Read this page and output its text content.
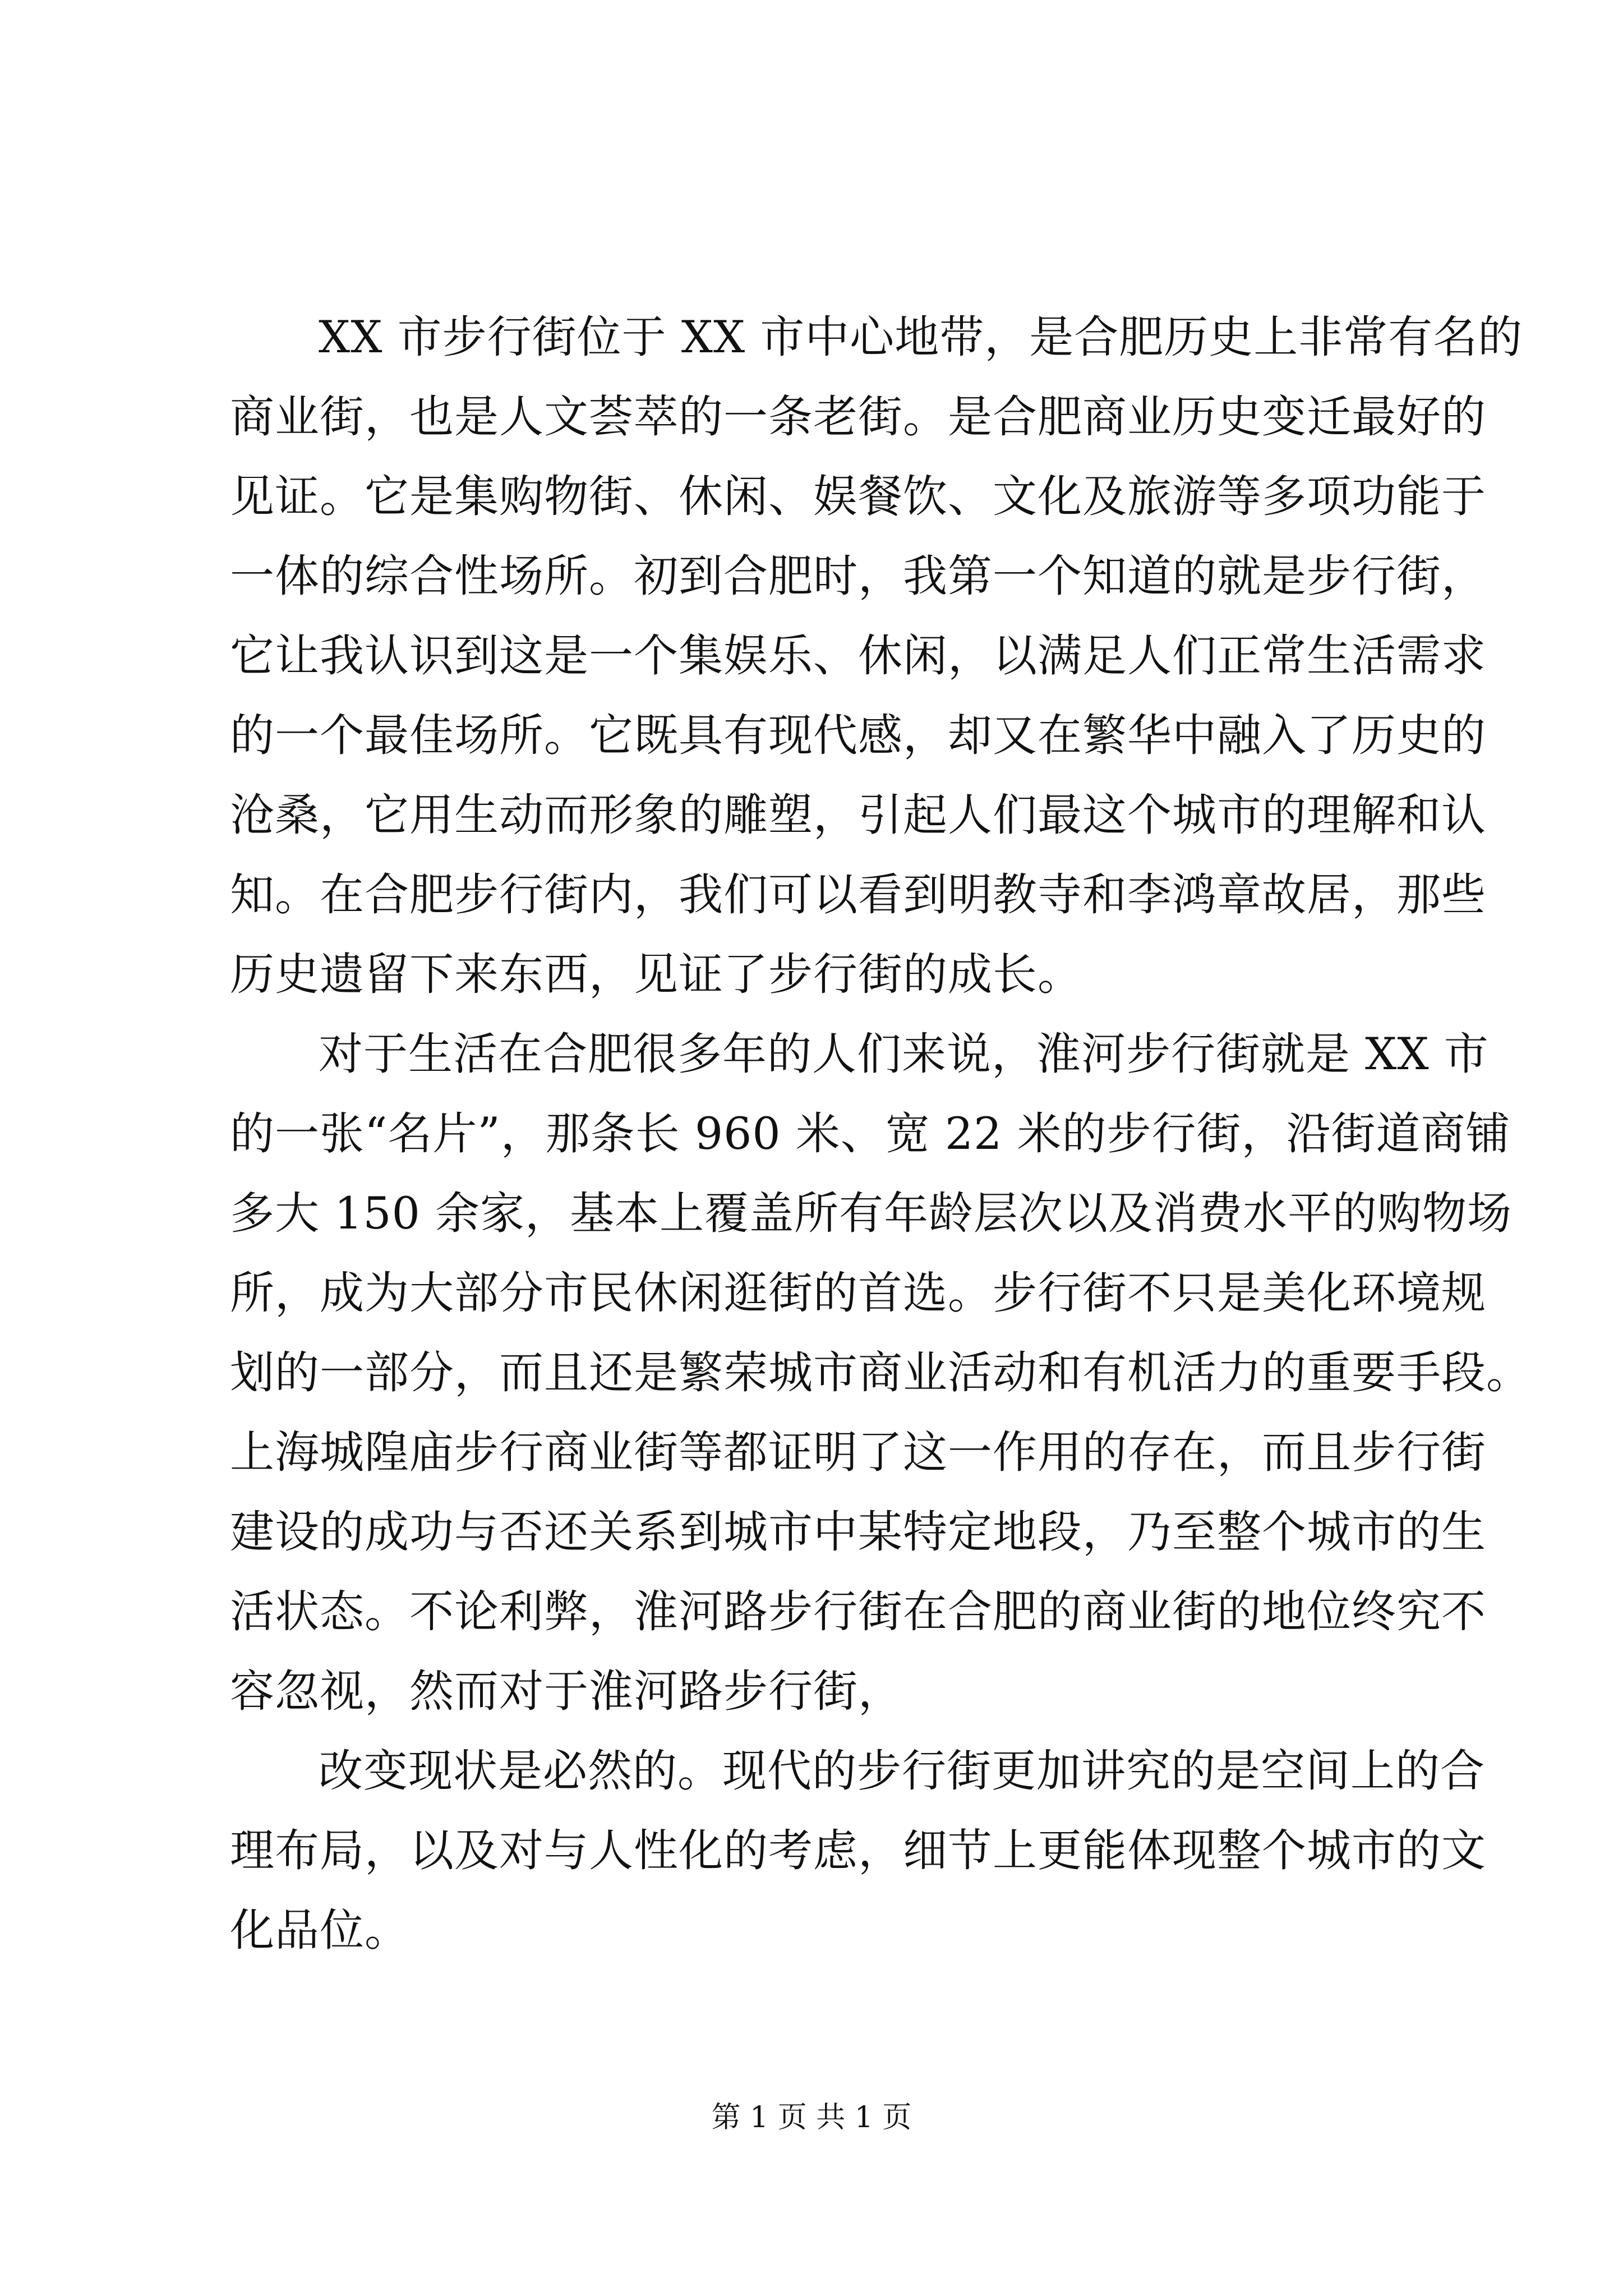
XX 市步行街位于 XX 市中心地带，是合肥历史上非常有名的
商业街，也是人文荟萃的一条老街。是合肥商业历史变迁最好的
见证。它是集购物街、休闲、娱餐饮、文化及旅游等多项功能于
一体的综合性场所。初到合肥时，我第一个知道的就是步行街，
它让我认识到这是一个集娱乐、休闲，以满足人们正常生活需求
的一个最佳场所。它既具有现代感，却又在繁华中融入了历史的
沧桑，它用生动而形象的雕塑，引起人们最这个城市的理解和认
知。在合肥步行街内，我们可以看到明教寺和李鸿章故居，那些
历史遗留下来东西，见证了步行街的成长。

对于生活在合肥很多年的人们来说，淮河步行街就是 XX 市
的一张“名片”，那条长 960 米、宽 22 米的步行街，沿街道商铺
多大 150 余家，基本上覆盖所有年龄层次以及消费水平的购物场
所，成为大部分市民休闲逛街的首选。步行街不只是美化环境规
划的一部分，而且还是繁荣城市商业活动和有机活力的重要手段。
上海城隍庙步行商业街等都证明了这一作用的存在，而且步行街
建设的成功与否还关系到城市中某特定地段，乃至整个城市的生
活状态。不论利弊，淮河路步行街在合肥的商业街的地位终究不
容忽视，然而对于淮河路步行街，

改变现状是必然的。现代的步行街更加讲究的是空间上的合
理布局，以及对与人性化的考虑，细节上更能体现整个城市的文
化品位。

第 1 页 共 1 页
